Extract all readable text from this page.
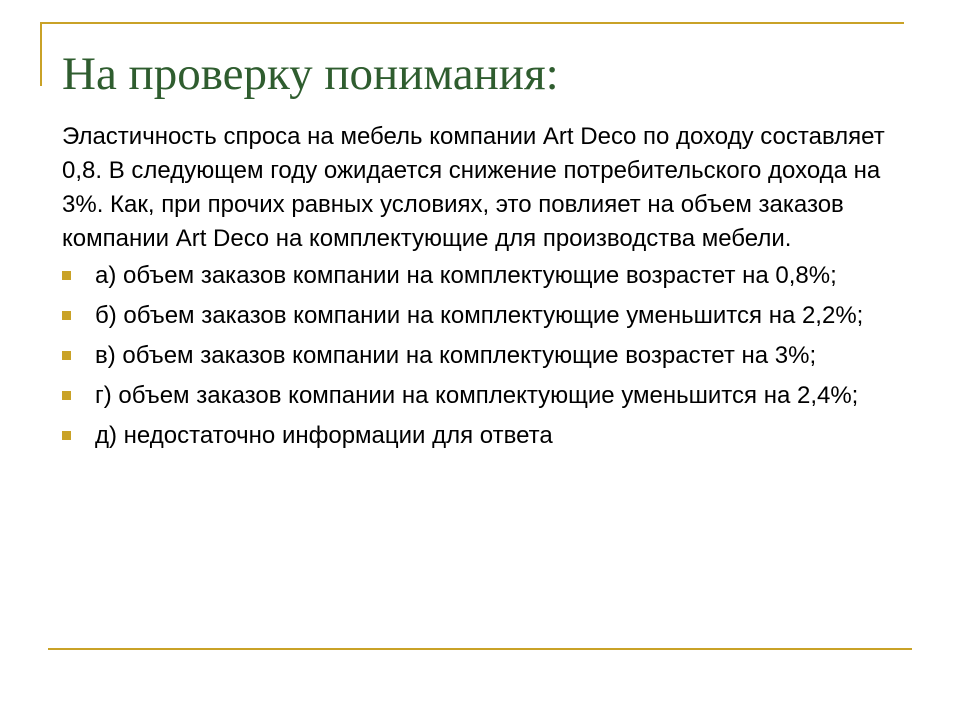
На проверку понимания:

Эластичность спроса на мебель компании Art Deco по доходу составляет 0,8. В следующем году ожидается снижение потребительского дохода на 3%. Как, при прочих равных условиях, это повлияет на объем заказов компании Art Deco на комплектующие для производства мебели.

а) объем заказов компании на комплектующие возрастет на 0,8%;
б) объем заказов компании на комплектующие уменьшится на 2,2%;
в) объем заказов компании на комплектующие возрастет на 3%;
г) объем заказов компании на комплектующие уменьшится на 2,4%;
д) недостаточно информации для ответа
